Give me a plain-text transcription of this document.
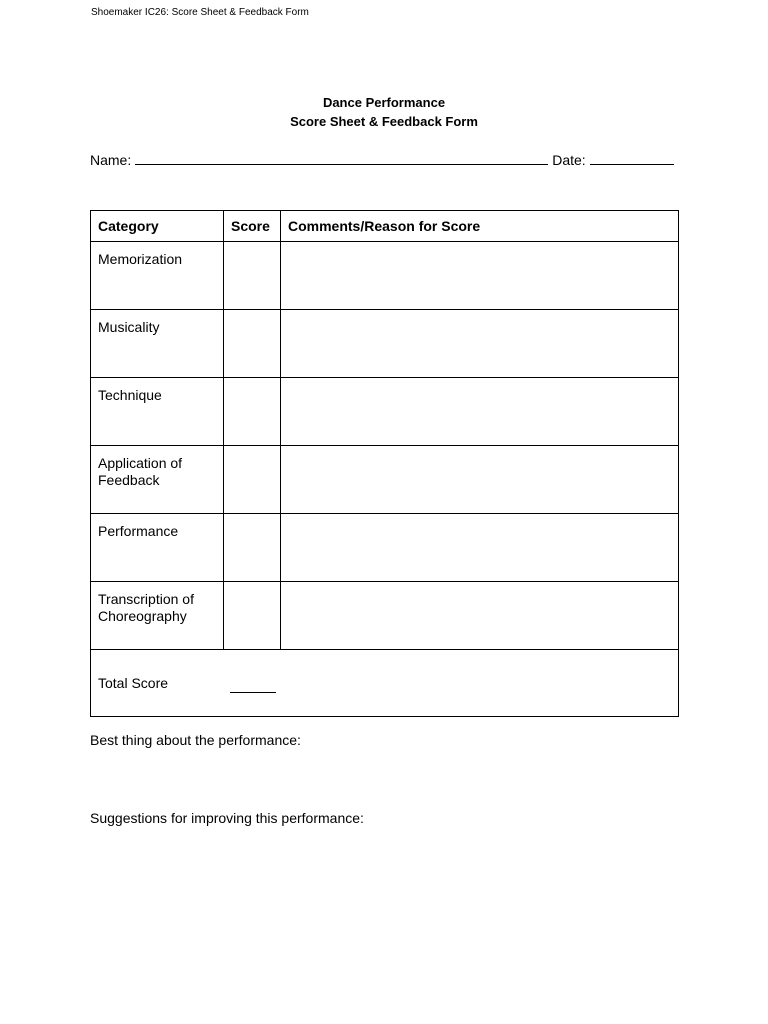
Shoemaker IC26: Score Sheet & Feedback Form
Dance Performance
Score Sheet & Feedback Form
Name:	Date:
Category	Score	Comments/Reason for Score
Memorization		
Musicality		
Technique		
Application of Feedback		
Performance		
Transcription of Choreography		

Total Score		
Best thing about the performance:
Suggestions for improving this performance:
